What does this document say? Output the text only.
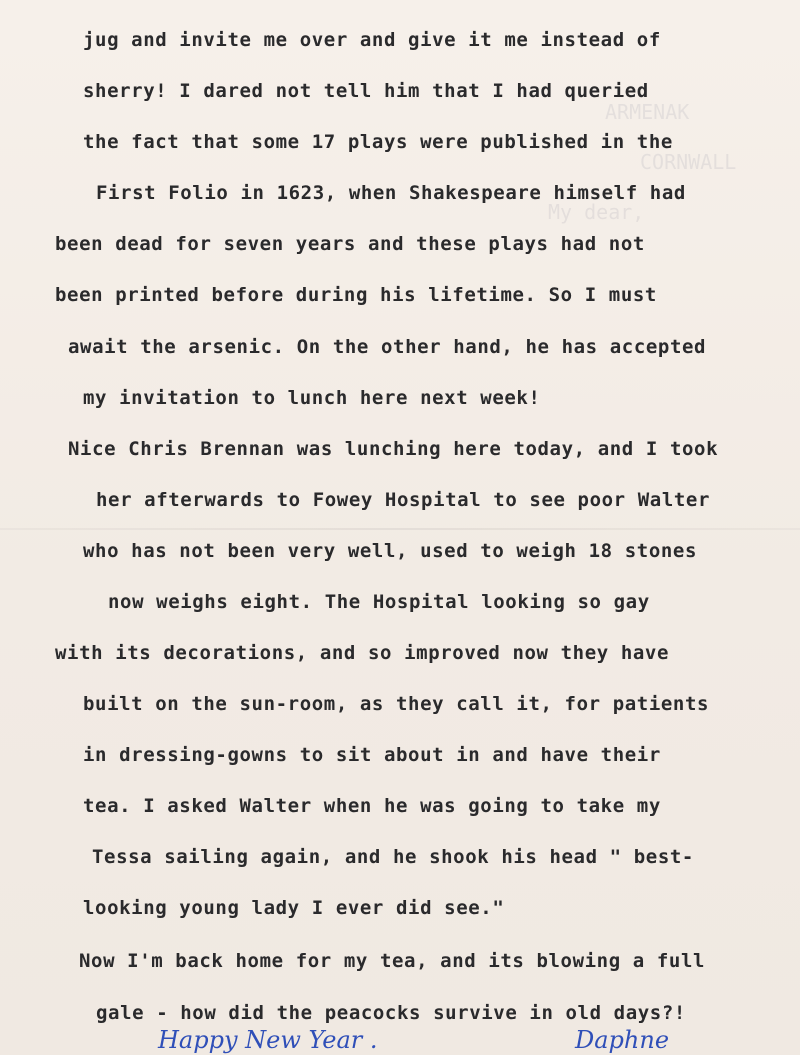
ARMENAK
CORNWALL
My dear,

jug and invite me over and give it me instead of

sherry! I dared not tell him that I had queried

the fact that some 17 plays were published in the

First Folio in 1623, when Shakespeare himself had

been dead for seven years and these plays had not

been printed before during his lifetime. So I must

await the arsenic. On the other hand, he has accepted

my invitation to lunch here next week!

Nice Chris Brennan was lunching here today, and I took

her afterwards to Fowey Hospital to see poor Walter

who has not been very well, used to weigh 18 stones

now weighs eight. The Hospital looking so gay

with its decorations, and so improved now they have

built on the sun-room, as they call it, for patients

in dressing-gowns to sit about in and have their

tea. I asked Walter when he was going to take my

Tessa sailing again, and he shook his head " best-

looking young lady I ever did see."

Now I'm back home for my tea, and its blowing a full

gale - how did the peacocks survive in old days?!

Happy New Year .	Daphne
